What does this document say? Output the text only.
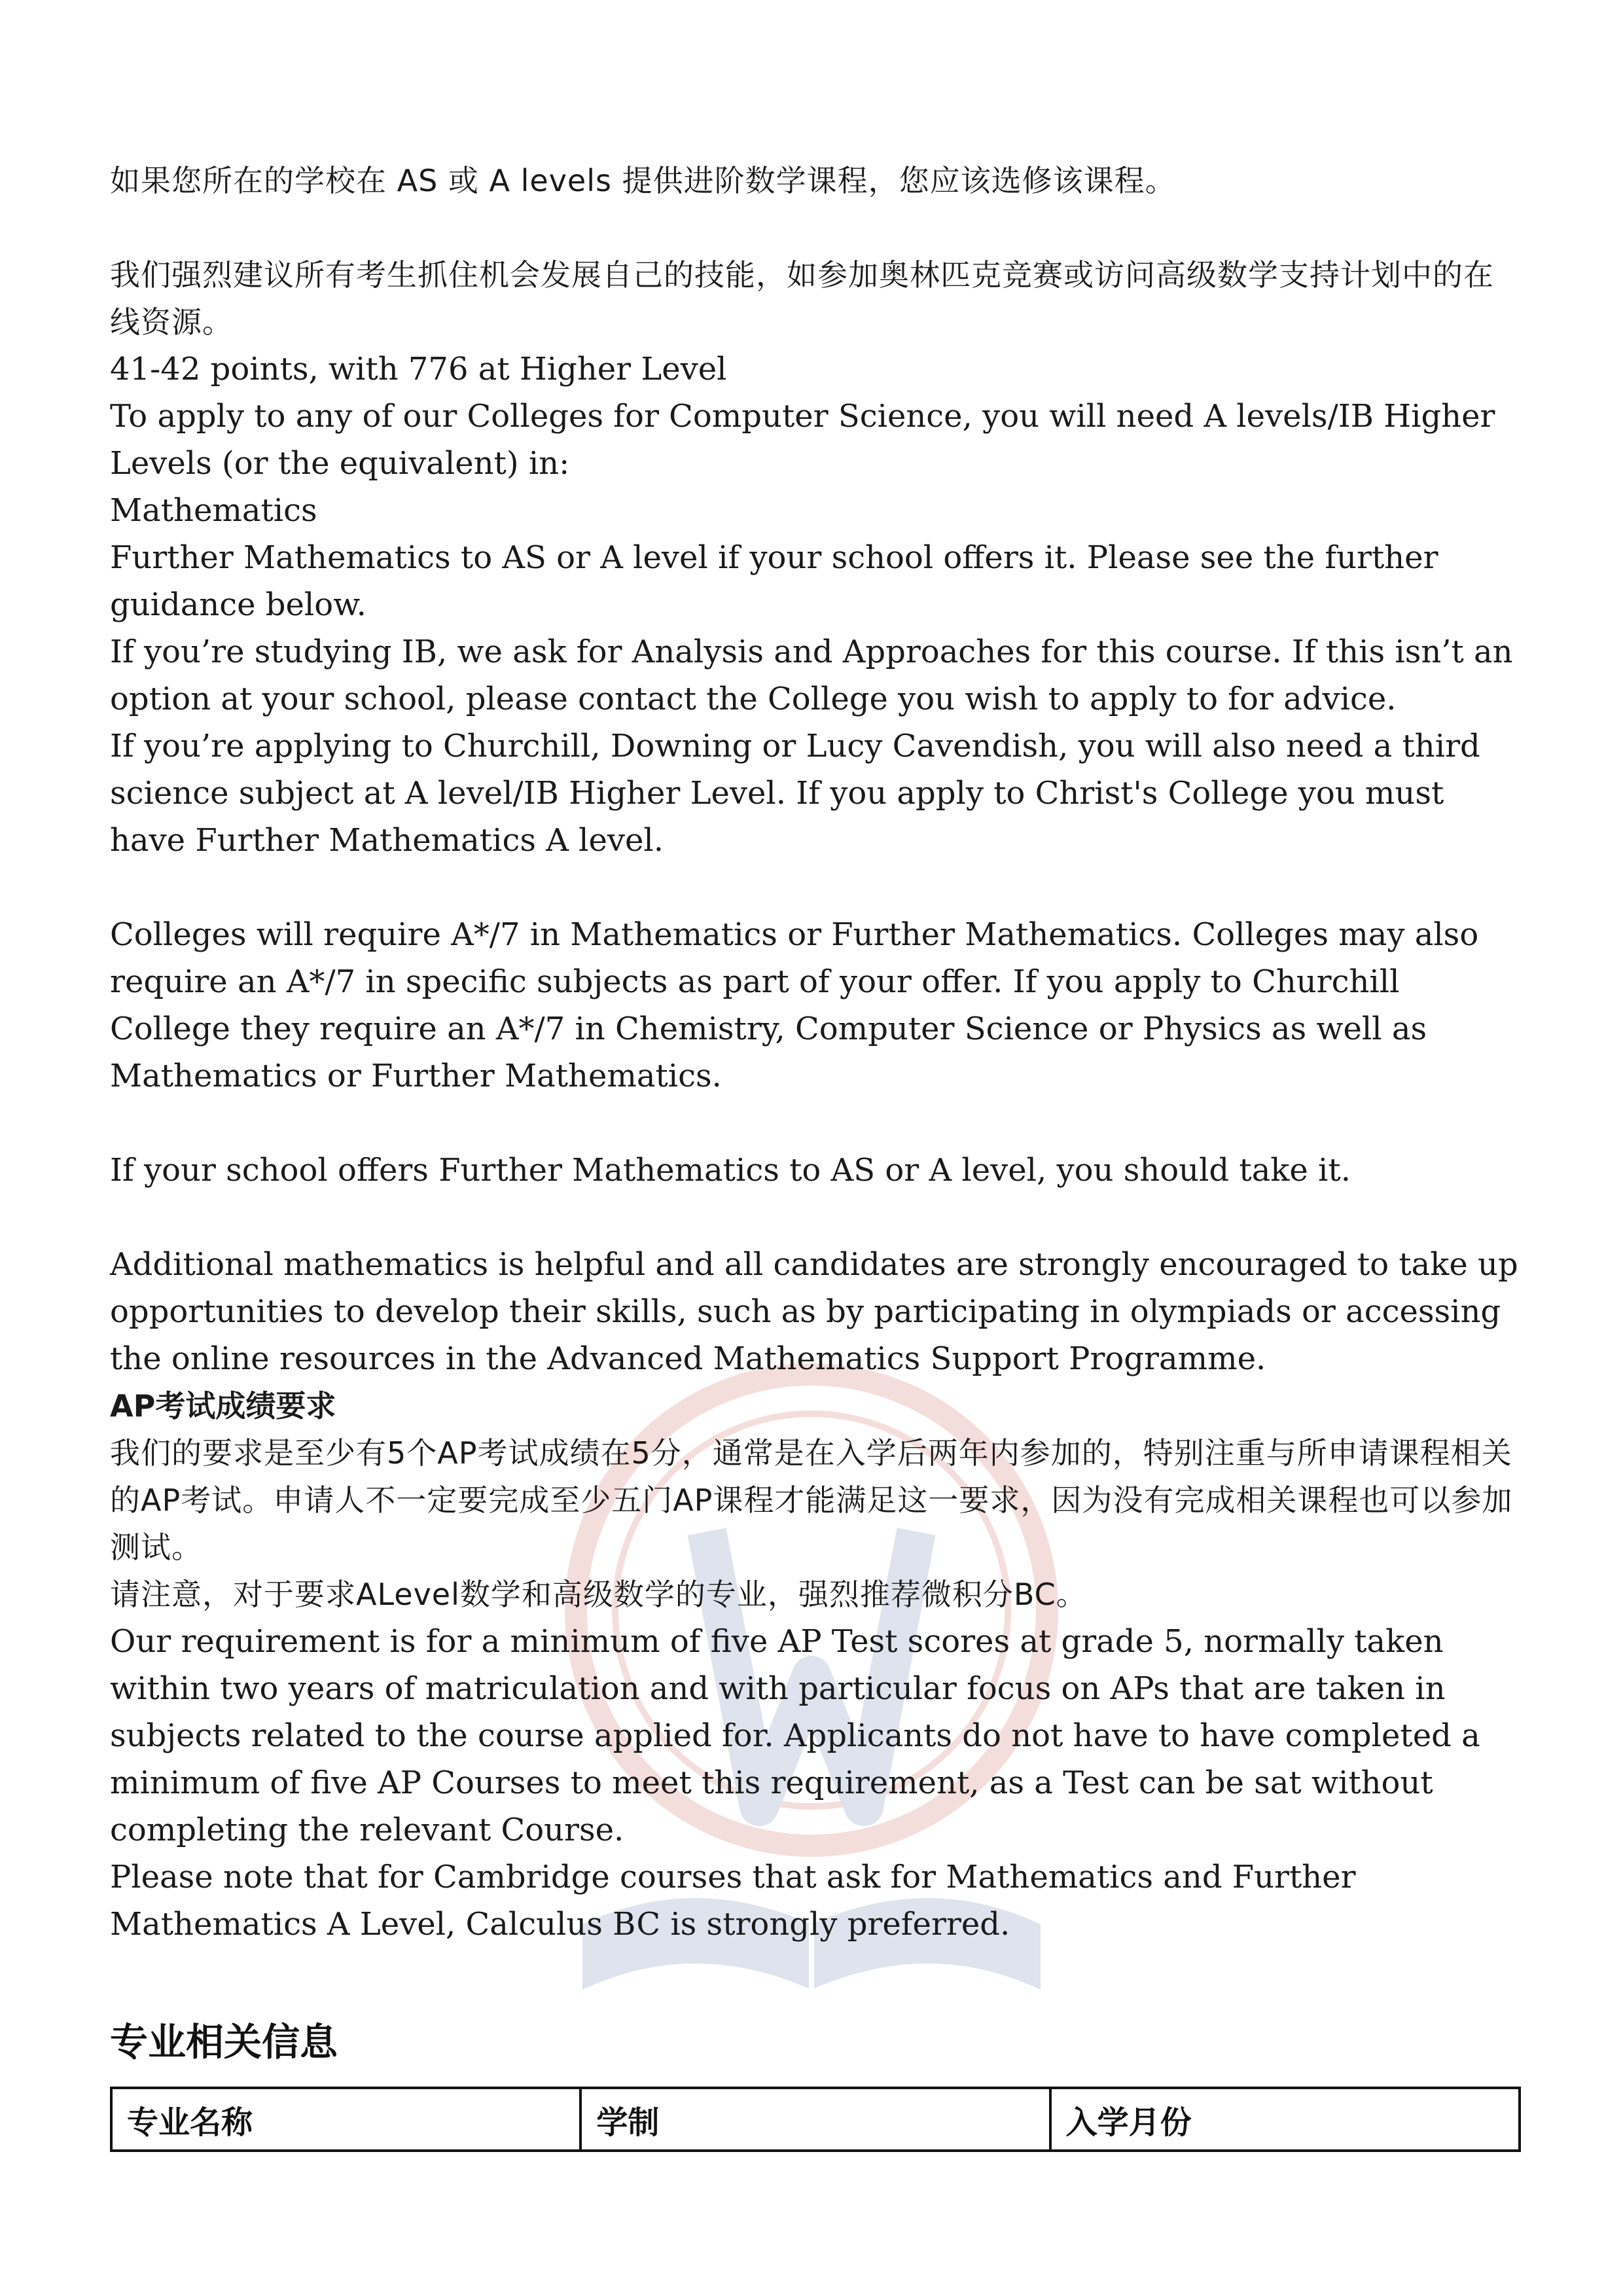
如果您所在的学校在 AS 或 A levels 提供进阶数学课程，您应该选修该课程。

我们强烈建议所有考生抓住机会发展自己的技能，如参加奥林匹克竞赛或访问高级数学支持计划中的在线资源。

41-42 points, with 776 at Higher Level

To apply to any of our Colleges for Computer Science, you will need A levels/IB Higher Levels (or the equivalent) in:

Mathematics

Further Mathematics to AS or A level if your school offers it. Please see the further guidance below.

If you’re studying IB, we ask for Analysis and Approaches for this course. If this isn’t an option at your school, please contact the College you wish to apply to for advice.

If you’re applying to Churchill, Downing or Lucy Cavendish, you will also need a third science subject at A level/IB Higher Level. If you apply to Christ's College you must have Further Mathematics A level.

Colleges will require A*/7 in Mathematics or Further Mathematics. Colleges may also require an A*/7 in specific subjects as part of your offer. If you apply to Churchill College they require an A*/7 in Chemistry, Computer Science or Physics as well as Mathematics or Further Mathematics.

If your school offers Further Mathematics to AS or A level, you should take it.

Additional mathematics is helpful and all candidates are strongly encouraged to take up opportunities to develop their skills, such as by participating in olympiads or accessing the online resources in the Advanced Mathematics Support Programme.

AP考试成绩要求

我们的要求是至少有5个AP考试成绩在5分，通常是在入学后两年内参加的，特别注重与所申请课程相关的AP考试。申请人不一定要完成至少五门AP课程才能满足这一要求，因为没有完成相关课程也可以参加测试。

请注意，对于要求ALevel数学和高级数学的专业，强烈推荐微积分BC。

Our requirement is for a minimum of five AP Test scores at grade 5, normally taken within two years of matriculation and with particular focus on APs that are taken in subjects related to the course applied for. Applicants do not have to have completed a minimum of five AP Courses to meet this requirement, as a Test can be sat without completing the relevant Course.

Please note that for Cambridge courses that ask for Mathematics and Further Mathematics A Level, Calculus BC is strongly preferred.

专业相关信息
专业名称	学制	入学月份
